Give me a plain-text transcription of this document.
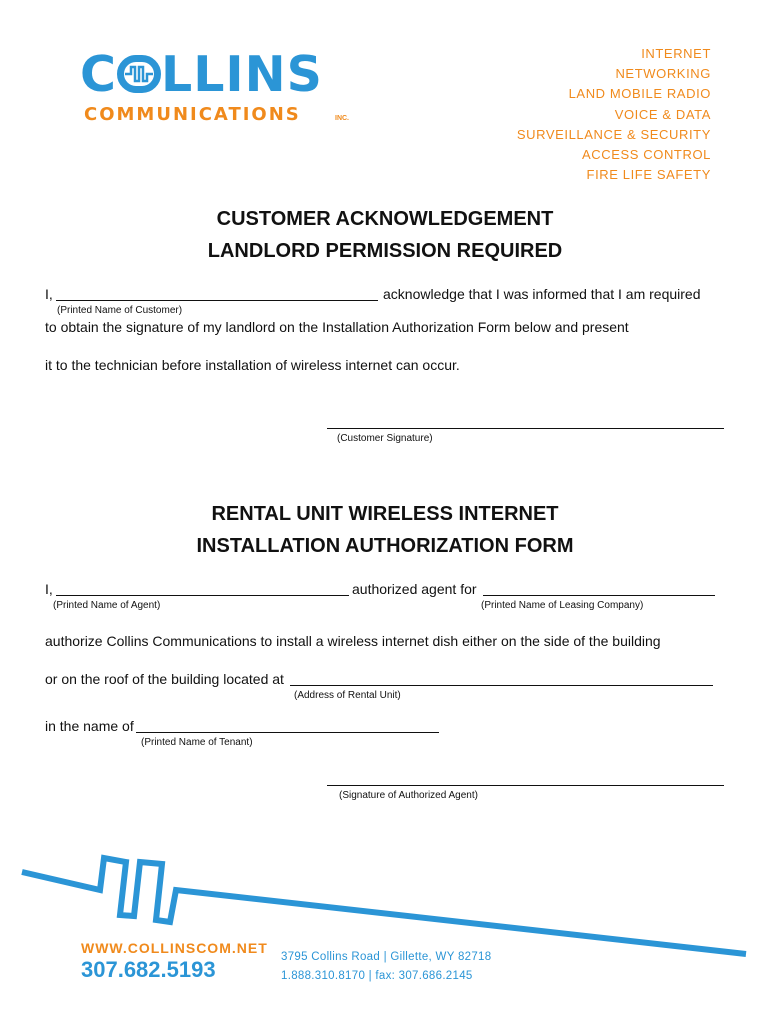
C LLINS
COMMUNICATIONS	INC.
INTERNET
NETWORKING
LAND MOBILE RADIO
VOICE & DATA
SURVEILLANCE & SECURITY
ACCESS CONTROL
FIRE LIFE SAFETY
CUSTOMER ACKNOWLEDGEMENT
LANDLORD PERMISSION REQUIRED
I,	acknowledge that I was informed that I am required
(Printed Name of Customer)
to obtain the signature of my landlord on the Installation Authorization Form below and present
it to the technician before installation of wireless internet can occur.
(Customer Signature)
RENTAL UNIT WIRELESS INTERNET
INSTALLATION AUTHORIZATION FORM
I,	authorized agent for
(Printed Name of Agent)	(Printed Name of Leasing Company)
authorize Collins Communications to install a wireless internet dish either on the side of the building
or on the roof of the building located at
(Address of Rental Unit)
in the name of
(Printed Name of Tenant)
(Signature of Authorized Agent)
WWW.COLLINSCOM.NET
307.682.5193	3795 Collins Road | Gillette, WY 82718
1.888.310.8170 | fax: 307.686.2145
